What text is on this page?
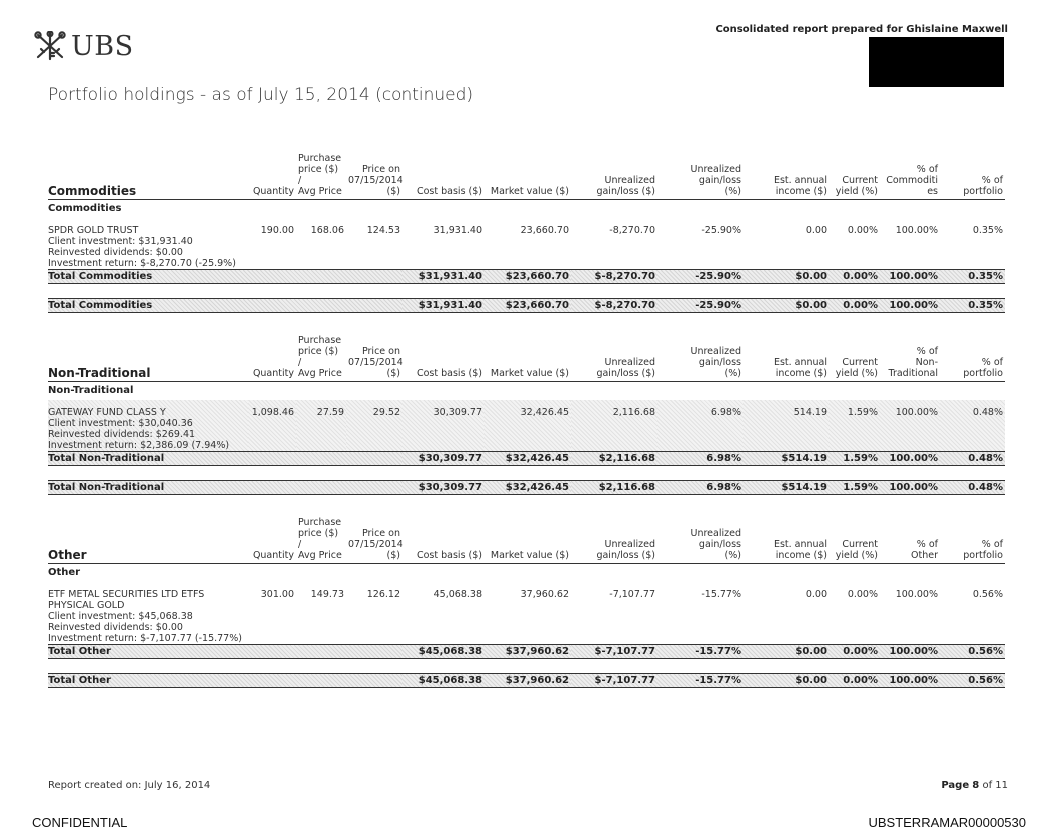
UBS
Consolidated report prepared for Ghislaine Maxwell
Portfolio holdings - as of July 15, 2014 (continued)
Commodities	Quantity	Purchase
price ($) /
Avg Price	Price on
07/15/2014
($)	Cost basis ($)	Market value ($)	Unrealized
gain/loss ($)	Unrealized
gain/loss
(%)	Est. annual
income ($)	Current
yield (%)	% of
Commoditi
es	% of
portfolio
Commodities											
SPDR GOLD TRUST
Client investment: $31,931.40
Reinvested dividends: $0.00
Investment return: $-8,270.70 (-25.9%)	190.00	168.06	124.53	31,931.40	23,660.70	-8,270.70	-25.90%	0.00	0.00%	100.00%	0.35%
Total Commodities				$31,931.40	$23,660.70	$-8,270.70	-25.90%	$0.00	0.00%	100.00%	0.35%

Total Commodities				$31,931.40	$23,660.70	$-8,270.70	-25.90%	$0.00	0.00%	100.00%	0.35%
Non-Traditional	Quantity	Purchase
price ($) /
Avg Price	Price on
07/15/2014
($)	Cost basis ($)	Market value ($)	Unrealized
gain/loss ($)	Unrealized
gain/loss
(%)	Est. annual
income ($)	Current
yield (%)	% of
Non-
Traditional	% of
portfolio
Non-Traditional											
GATEWAY FUND CLASS Y
Client investment: $30,040.36
Reinvested dividends: $269.41
Investment return: $2,386.09 (7.94%)	1,098.46	27.59	29.52	30,309.77	32,426.45	2,116.68	6.98%	514.19	1.59%	100.00%	0.48%
Total Non-Traditional				$30,309.77	$32,426.45	$2,116.68	6.98%	$514.19	1.59%	100.00%	0.48%

Total Non-Traditional				$30,309.77	$32,426.45	$2,116.68	6.98%	$514.19	1.59%	100.00%	0.48%
Other	Quantity	Purchase
price ($) /
Avg Price	Price on
07/15/2014
($)	Cost basis ($)	Market value ($)	Unrealized
gain/loss ($)	Unrealized
gain/loss
(%)	Est. annual
income ($)	Current
yield (%)	% of
Other	% of
portfolio
Other											
ETF METAL SECURITIES LTD ETFS
PHYSICAL GOLD
Client investment: $45,068.38
Reinvested dividends: $0.00
Investment return: $-7,107.77 (-15.77%)	301.00	149.73	126.12	45,068.38	37,960.62	-7,107.77	-15.77%	0.00	0.00%	100.00%	0.56%
Total Other				$45,068.38	$37,960.62	$-7,107.77	-15.77%	$0.00	0.00%	100.00%	0.56%

Total Other				$45,068.38	$37,960.62	$-7,107.77	-15.77%	$0.00	0.00%	100.00%	0.56%
Report created on: July 16, 2014	Page 8 of 11
CONFIDENTIAL	UBSTERRAMAR00000530
